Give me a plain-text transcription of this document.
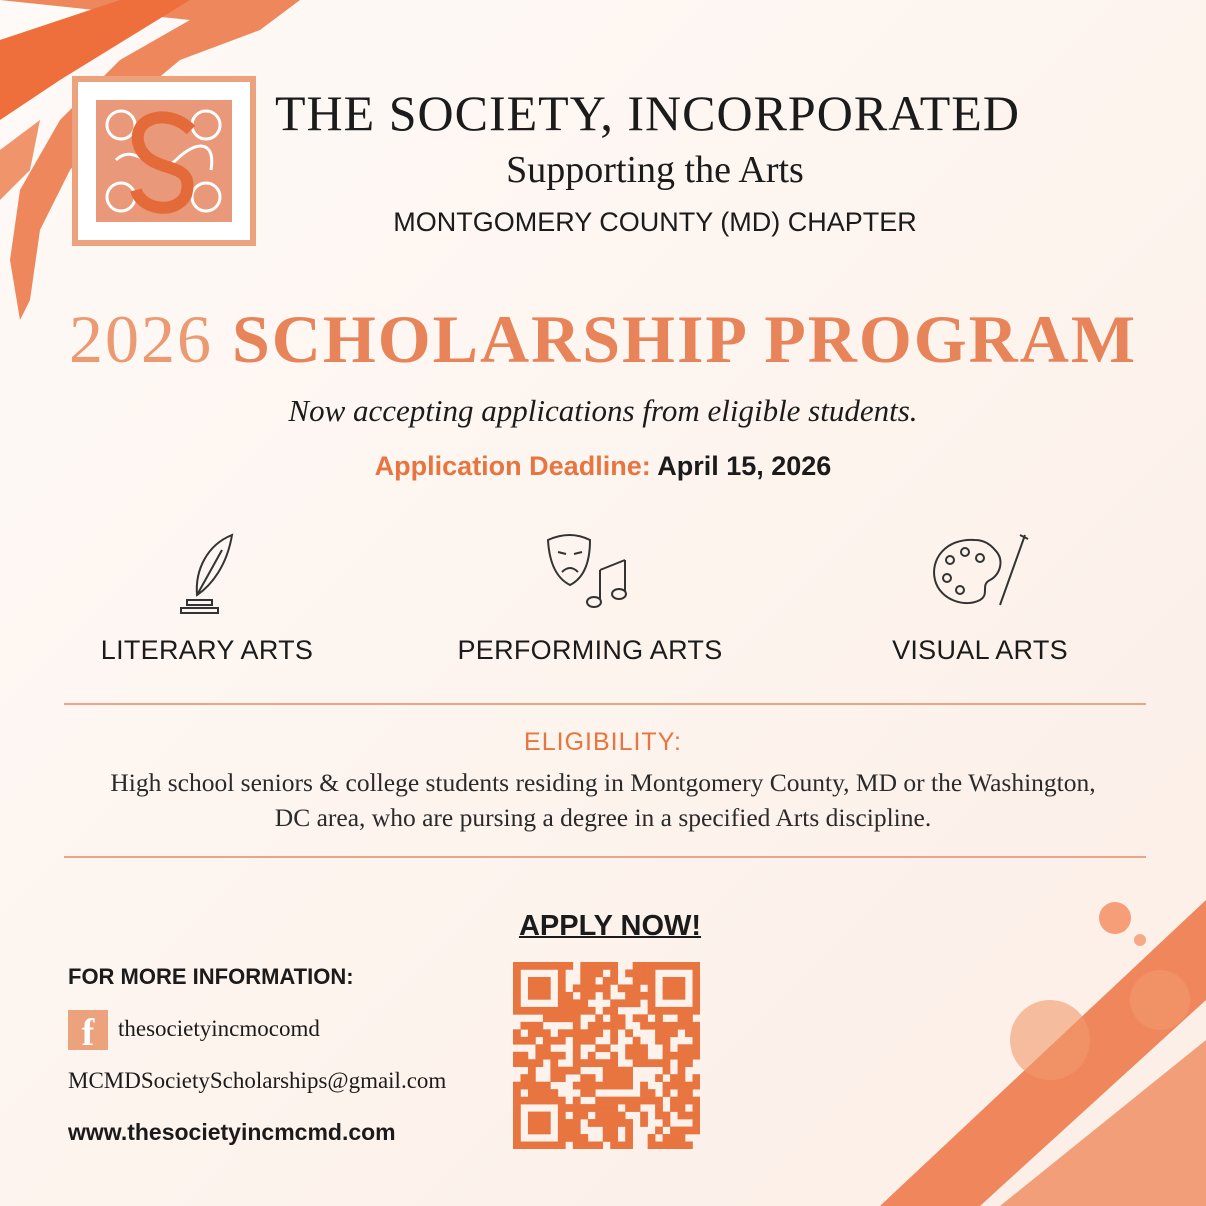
THE SOCIETY, INCORPORATED
Supporting the Arts
MONTGOMERY COUNTY (MD) CHAPTER
2026 SCHOLARSHIP PROGRAM
Now accepting applications from eligible students.
Application Deadline: April 15, 2026
LITERARY ARTS	PERFORMING ARTS	VISUAL ARTS
ELIGIBILITY:
High school seniors & college students residing in Montgomery County, MD or the Washington, DC area, who are pursing a degree in a specified Arts discipline.
APPLY NOW!
FOR MORE INFORMATION:
f	thesocietyincmocomd
MCMDSocietyScholarships@gmail.com
www.thesocietyincmcmd.com
